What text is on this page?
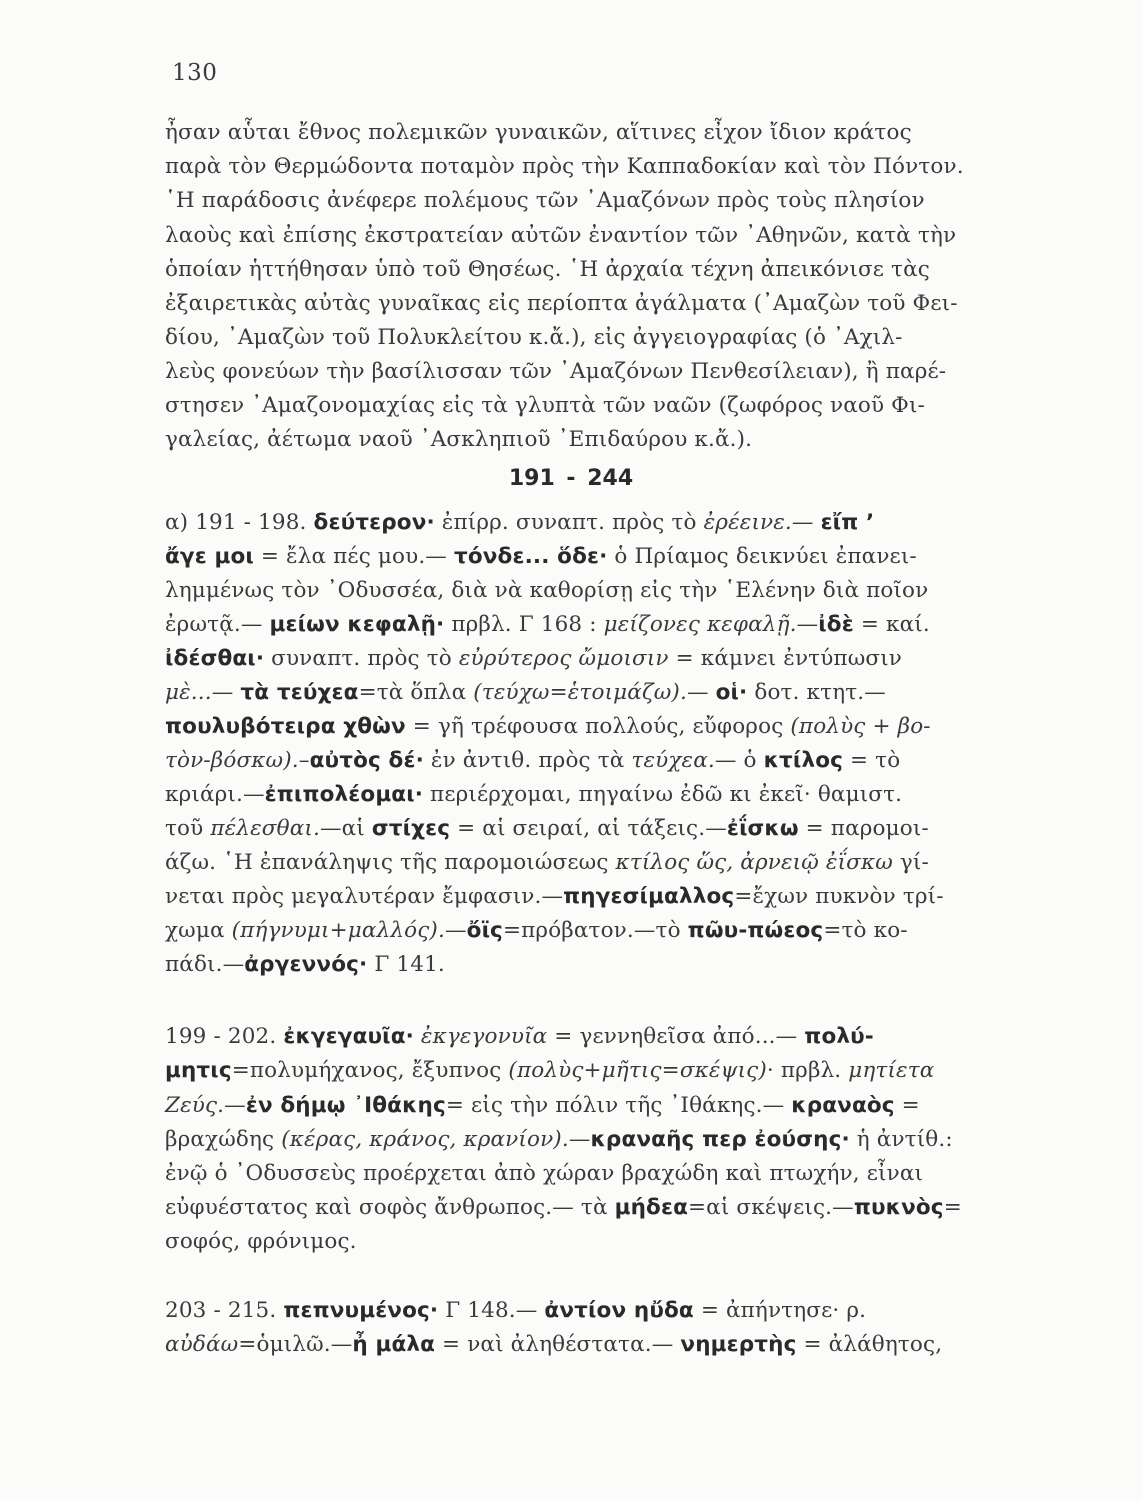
130
ἦσαν αὗται ἔθνος πολεμικῶν γυναικῶν, αἵτινες εἶχον ἴδιον κράτος
παρὰ τὸν Θερμώδοντα ποταμὸν πρὸς τὴν Καππαδοκίαν καὶ τὸν Πόντον.
῾Η παράδοσις ἀνέφερε πολέμους τῶν ᾿Αμαζόνων πρὸς τοὺς πλησίον
λαοὺς καὶ ἐπίσης ἐκστρατείαν αὐτῶν ἐναντίον τῶν ᾿Αθηνῶν, κατὰ τὴν
ὁποίαν ἡττήθησαν ὑπὸ τοῦ Θησέως. ῾Η ἀρχαία τέχνη ἀπεικόνισε τὰς
ἐξαιρετικὰς αὐτὰς γυναῖκας εἰς περίοπτα ἀγάλματα (᾿Αμαζὼν τοῦ Φει-
δίου, ᾿Αμαζὼν τοῦ Πολυκλείτου κ.ἄ.), εἰς ἀγγειογραφίας (ὁ ᾿Αχιλ-
λεὺς φονεύων τὴν βασίλισσαν τῶν ᾿Αμαζόνων Πενθεσίλειαν), ἢ παρέ-
στησεν ᾿Αμαζονομαχίας εἰς τὰ γλυπτὰ τῶν ναῶν (ζωφόρος ναοῦ Φι-
γαλείας, ἀέτωμα ναοῦ ᾿Ασκληπιοῦ ᾿Επιδαύρου κ.ἄ.).
191 - 244
α) 191 - 198. δεύτερον· ἐπίρρ. συναπτ. πρὸς τὸ ἐρέεινε.— εἴπ ’
ἄγε μοι = ἔλα πές μου.— τόνδε... ὅδε· ὁ Πρίαμος δεικνύει ἐπανει-
λημμένως τὸν ᾿Οδυσσέα, διὰ νὰ καθορίσῃ εἰς τὴν ῾Ελένην διὰ ποῖον
ἐρωτᾷ.— μείων κεφαλῇ· πρβλ. Γ 168 : μείζονες κεφαλῇ.—ἰδὲ = καί.
ἰδέσθαι· συναπτ. πρὸς τὸ εὐρύτερος ὤμοισιν = κάμνει ἐντύπωσιν
μὲ...— τὰ τεύχεα=τὰ ὅπλα (τεύχω=ἑτοιμάζω).— οἱ· δοτ. κτητ.—
πουλυβότειρα χθὼν = γῆ τρέφουσα πολλούς, εὔφορος (πολὺς + βο-
τὸν-βόσκω).–αὐτὸς δέ· ἐν ἀντιθ. πρὸς τὰ τεύχεα.— ὁ κτίλος = τὸ
κριάρι.—ἐπιπολέομαι· περιέρχομαι, πηγαίνω ἐδῶ κι ἐκεῖ· θαμιστ.
τοῦ πέλεσθαι.—αἱ στίχες = αἱ σειραί, αἱ τάξεις.—ἐΐσκω = παρομοι-
άζω. ῾Η ἐπανάληψις τῆς παρομοιώσεως κτίλος ὥς, ἀρνειῷ ἐΐσκω γί-
νεται πρὸς μεγαλυτέραν ἔμφασιν.—πηγεσίμαλλος=ἔχων πυκνὸν τρί-
χωμα (πήγνυμι+μαλλός).—ὄϊς=πρόβατον.—τὸ πῶυ-πώεος=τὸ κο-
πάδι.—ἀργεννός· Γ 141.
199 - 202. ἐκγεγαυῖα· ἐκγεγονυῖα = γεννηθεῖσα ἀπό...— πολύ-
μητις=πολυμήχανος, ἔξυπνος (πολὺς+μῆτις=σκέψις)· πρβλ. μητίετα
Ζεύς.—ἐν δήμῳ ᾿Ιθάκης= εἰς τὴν πόλιν τῆς ᾿Ιθάκης.— κραναὸς =
βραχώδης (κέρας, κράνος, κρανίον).—κραναῆς περ ἐούσης· ἡ ἀντίθ.:
ἐνῷ ὁ ᾿Οδυσσεὺς προέρχεται ἀπὸ χώραν βραχώδη καὶ πτωχήν, εἶναι
εὐφυέστατος καὶ σοφὸς ἄνθρωπος.— τὰ μήδεα=αἱ σκέψεις.—πυκνὸς=
σοφός, φρόνιμος.
203 - 215. πεπνυμένος· Γ 148.— ἀντίον ηὔδα = ἀπήντησε· ρ.
αὐδάω=ὁμιλῶ.—ἦ μάλα = ναὶ ἀληθέστατα.— νημερτὴς = ἀλάθητος,
